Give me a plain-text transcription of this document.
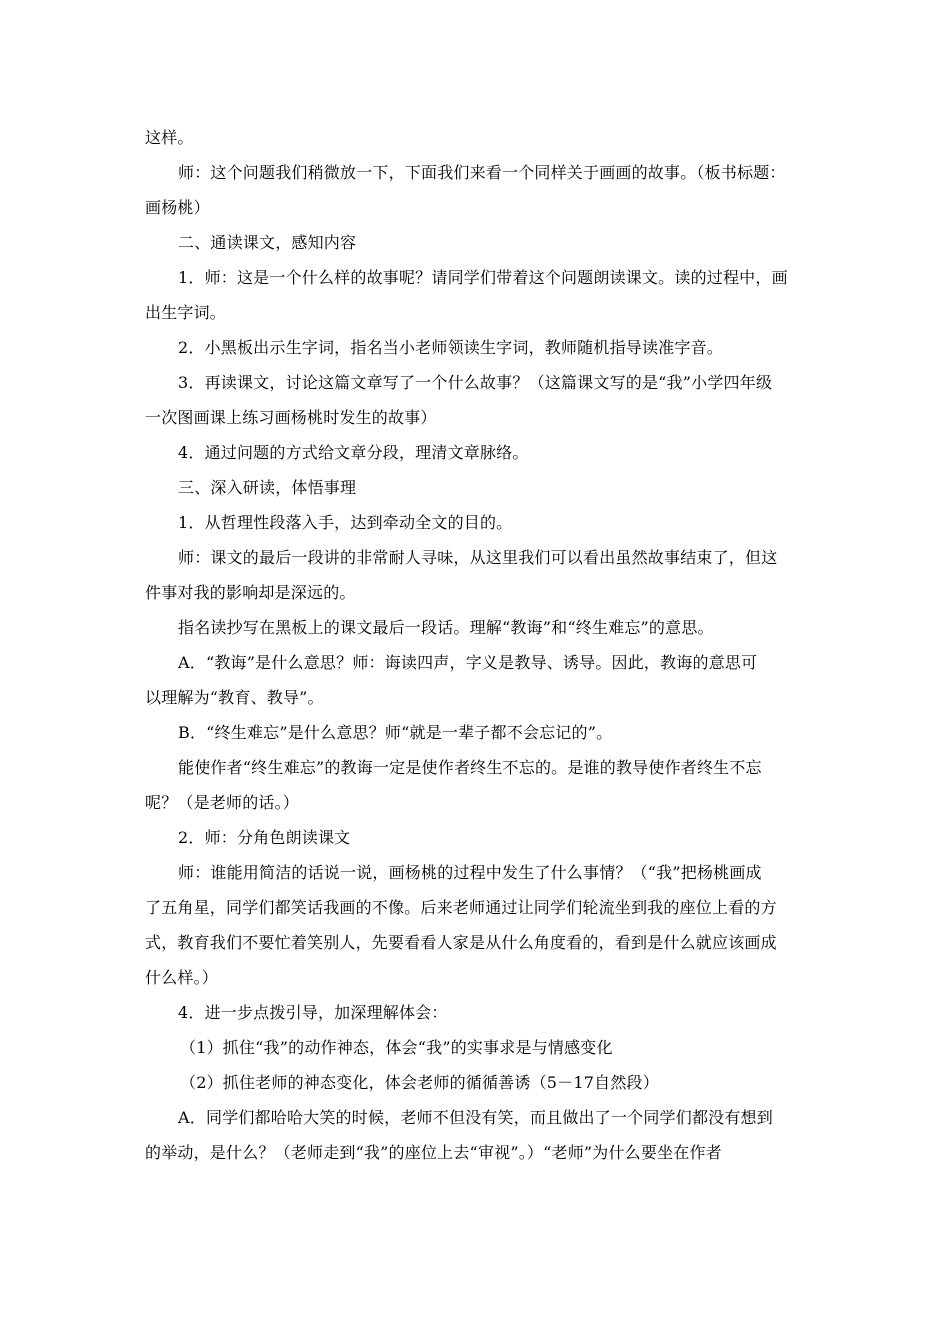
这样。
师：这个问题我们稍微放一下，下面我们来看一个同样关于画画的故事。（板书标题：
画杨桃）
二、通读课文，感知内容
1．师：这是一个什么样的故事呢？请同学们带着这个问题朗读课文。读的过程中，画
出生字词。
2．小黑板出示生字词，指名当小老师领读生字词，教师随机指导读准字音。
3．再读课文，讨论这篇文章写了一个什么故事？（这篇课文写的是“我”小学四年级
一次图画课上练习画杨桃时发生的故事）
4．通过问题的方式给文章分段，理清文章脉络。
三、深入研读，体悟事理
1．从哲理性段落入手，达到牵动全文的目的。
师：课文的最后一段讲的非常耐人寻味，从这里我们可以看出虽然故事结束了，但这
件事对我的影响却是深远的。
指名读抄写在黑板上的课文最后一段话。理解“教诲”和“终生难忘”的意思。
A．“教诲”是什么意思？师：诲读四声，字义是教导、诱导。因此，教诲的意思可
以理解为“教育、教导”。
B．“终生难忘”是什么意思？师“就是一辈子都不会忘记的”。
能使作者“终生难忘”的教诲一定是使作者终生不忘的。是谁的教导使作者终生不忘
呢？（是老师的话。）
2．师：分角色朗读课文
师：谁能用简洁的话说一说，画杨桃的过程中发生了什么事情？（“我”把杨桃画成
了五角星，同学们都笑话我画的不像。后来老师通过让同学们轮流坐到我的座位上看的方
式，教育我们不要忙着笑别人，先要看看人家是从什么角度看的，看到是什么就应该画成
什么样。）
4．进一步点拨引导，加深理解体会：
（1）抓住“我”的动作神态，体会“我”的实事求是与情感变化
（2）抓住老师的神态变化，体会老师的循循善诱（5－17自然段）
A．同学们都哈哈大笑的时候，老师不但没有笑，而且做出了一个同学们都没有想到
的举动，是什么？（老师走到“我”的座位上去“审视”。）“老师”为什么要坐在作者
